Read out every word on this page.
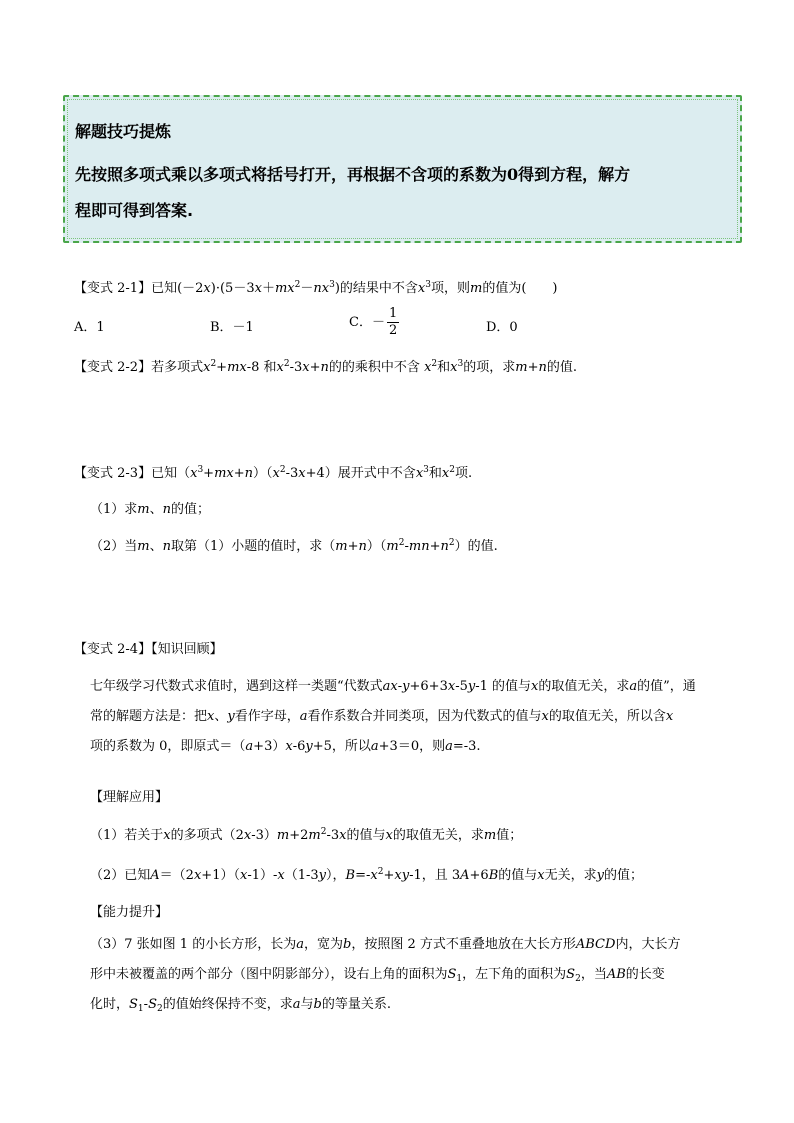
解题技巧提炼
先按照多项式乘以多项式将括号打开，再根据不含项的系数为0得到方程，解方
程即可得到答案.
【变式 2-1】已知$(-2x)\cdot(5-3x+mx^2-nx^3)$的结果中不含$x^3$项，则m的值为(　　)
A．1	B．－1	C．－ $\frac{1}{2}$	D．0
【变式 2-2】若多项式$x^2+mx-8$ 和$x^2-3x+n$的的乘积中不含 $x^2$和$x^3$的项，求m+n的值.
【变式 2-3】已知$(x^3+mx+n)(x^2-3x+4)$展开式中不含$x^3$和$x^2$项.
（1）求m、n的值；
（2）当m、n取第（1）小题的值时，求$(m+n)(m^2-mn+n^2)$的值.
【变式 2-4】【知识回顾】
七年级学习代数式求值时，遇到这样一类题“代数式ax-y+6+3x-5y-1 的值与x的取值无关，求a的值”，通
常的解题方法是：把x、y看作字母，a看作系数合并同类项，因为代数式的值与x的取值无关，所以含x
项的系数为 0，即原式＝（a+3）x-6y+5，所以a+3＝0，则a=-3.
【理解应用】
（1）若关于x的多项式$(2x-3)m+2m^2-3x$的值与x的取值无关，求m值；
（2）已知A＝（2x+1）（x-1）-x（1-3y），$B=-x^2+xy-1$，且 3A+6B的值与x无关，求y的值；
【能力提升】
（3）7 张如图 1 的小长方形，长为a，宽为b，按照图 2 方式不重叠地放在大长方形ABCD内，大长方
形中未被覆盖的两个部分（图中阴影部分），设右上角的面积为$S_1$，左下角的面积为$S_2$，当AB的长变
化时，$S_1-S_2$的值始终保持不变，求a与b的等量关系.
